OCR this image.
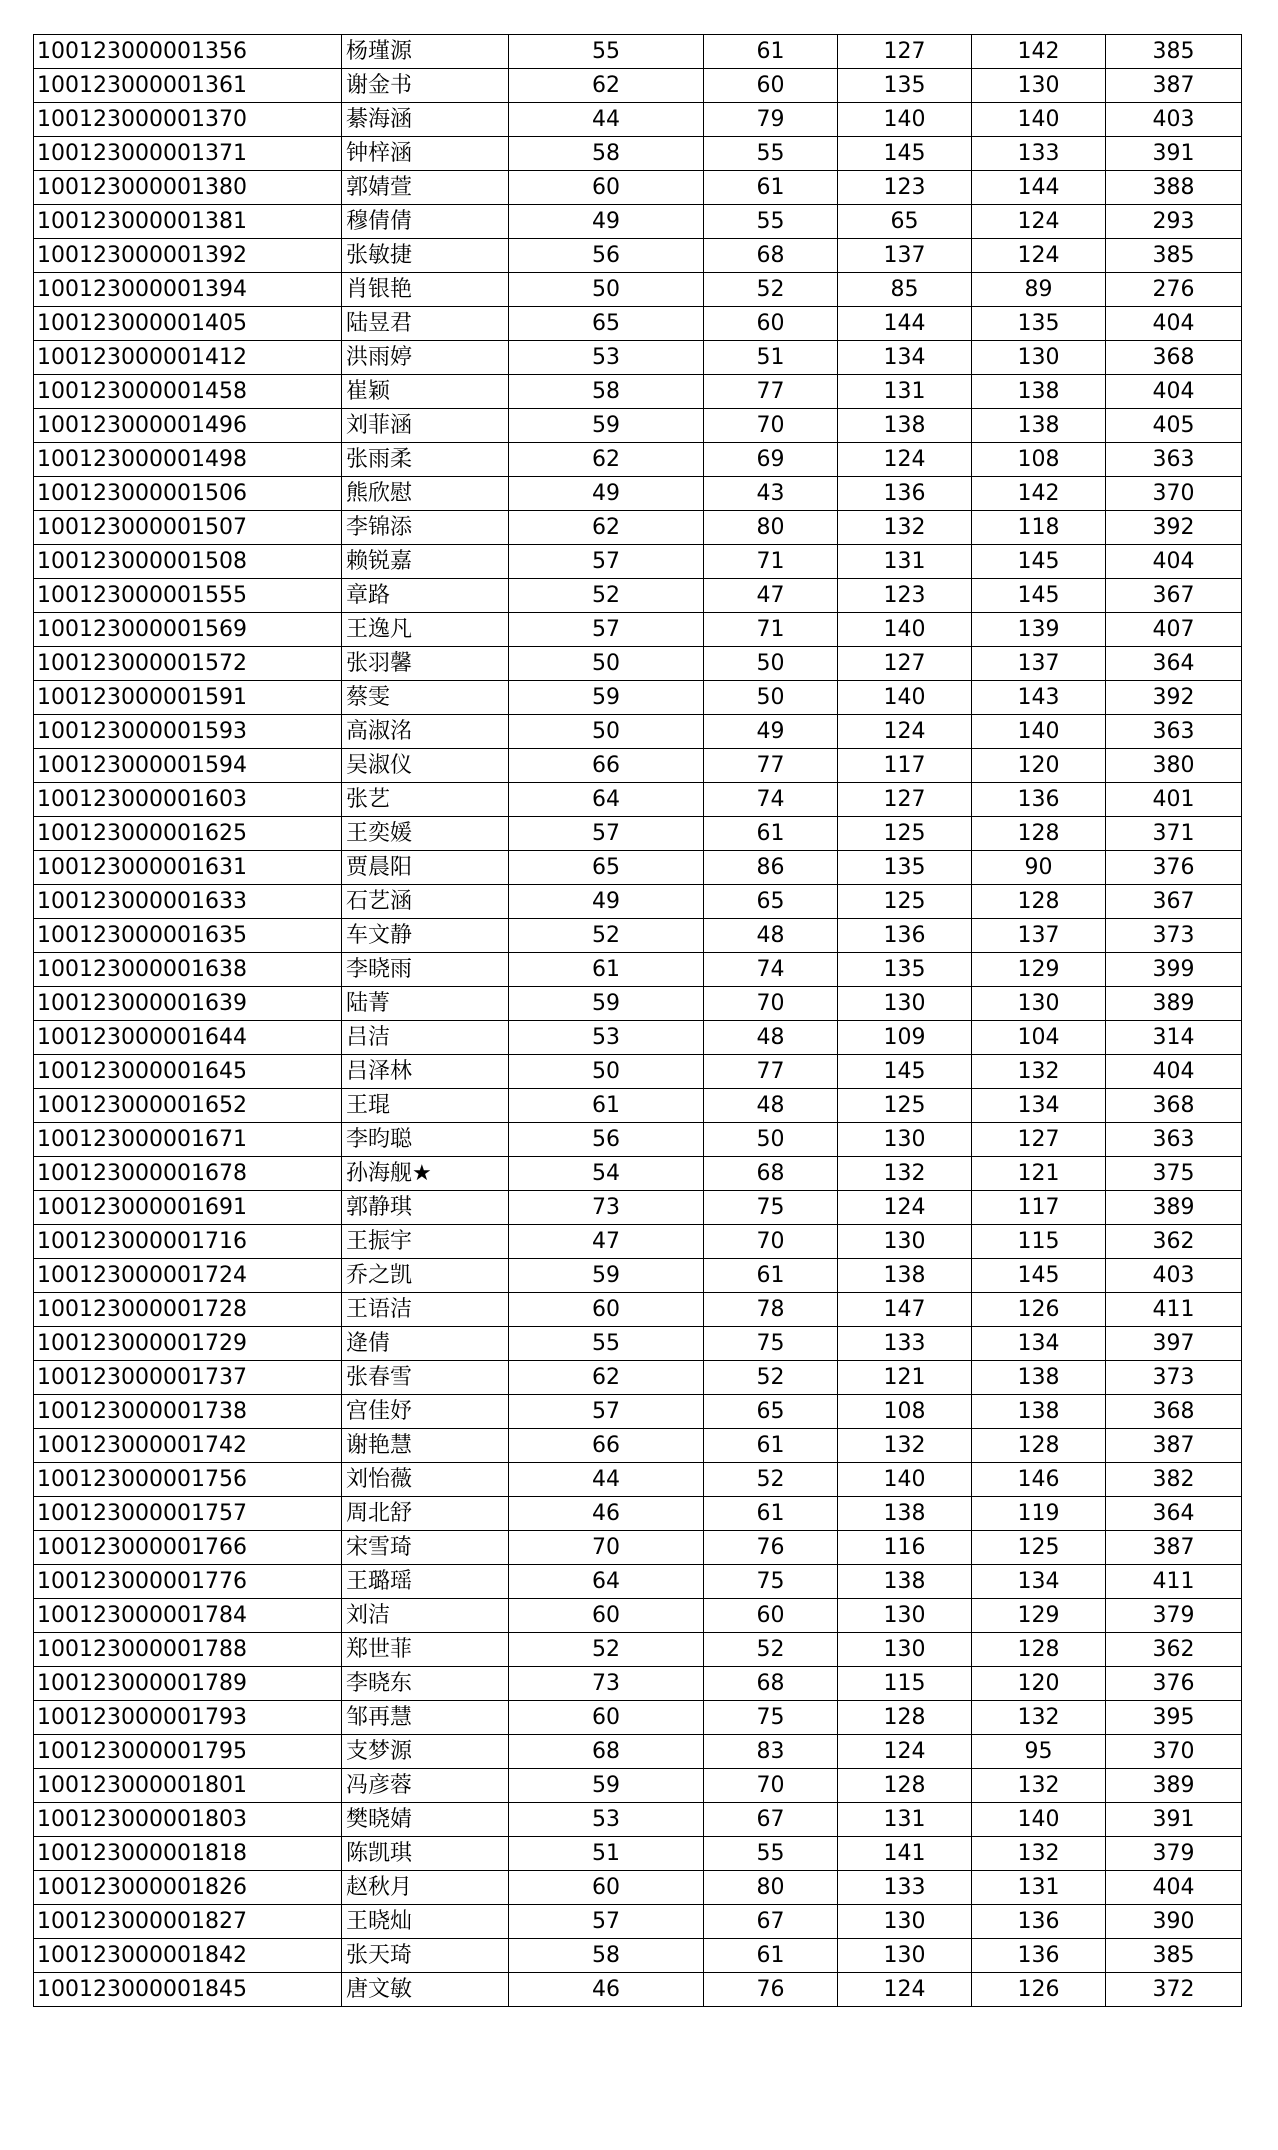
100123000001356	杨瑾源	55	61	127	142	385
100123000001361	谢金书	62	60	135	130	387
100123000001370	綦海涵	44	79	140	140	403
100123000001371	钟梓涵	58	55	145	133	391
100123000001380	郭婧萱	60	61	123	144	388
100123000001381	穆倩倩	49	55	65	124	293
100123000001392	张敏捷	56	68	137	124	385
100123000001394	肖银艳	50	52	85	89	276
100123000001405	陆昱君	65	60	144	135	404
100123000001412	洪雨婷	53	51	134	130	368
100123000001458	崔颖	58	77	131	138	404
100123000001496	刘菲涵	59	70	138	138	405
100123000001498	张雨柔	62	69	124	108	363
100123000001506	熊欣慰	49	43	136	142	370
100123000001507	李锦添	62	80	132	118	392
100123000001508	赖锐嘉	57	71	131	145	404
100123000001555	章路	52	47	123	145	367
100123000001569	王逸凡	57	71	140	139	407
100123000001572	张羽馨	50	50	127	137	364
100123000001591	蔡雯	59	50	140	143	392
100123000001593	高淑洺	50	49	124	140	363
100123000001594	吴淑仪	66	77	117	120	380
100123000001603	张艺	64	74	127	136	401
100123000001625	王奕媛	57	61	125	128	371
100123000001631	贾晨阳	65	86	135	90	376
100123000001633	石艺涵	49	65	125	128	367
100123000001635	车文静	52	48	136	137	373
100123000001638	李晓雨	61	74	135	129	399
100123000001639	陆菁	59	70	130	130	389
100123000001644	吕洁	53	48	109	104	314
100123000001645	吕泽林	50	77	145	132	404
100123000001652	王琨	61	48	125	134	368
100123000001671	李昀聪	56	50	130	127	363
100123000001678	孙海舰★	54	68	132	121	375
100123000001691	郭静琪	73	75	124	117	389
100123000001716	王振宇	47	70	130	115	362
100123000001724	乔之凯	59	61	138	145	403
100123000001728	王语洁	60	78	147	126	411
100123000001729	逄倩	55	75	133	134	397
100123000001737	张春雪	62	52	121	138	373
100123000001738	宫佳妤	57	65	108	138	368
100123000001742	谢艳慧	66	61	132	128	387
100123000001756	刘怡薇	44	52	140	146	382
100123000001757	周北舒	46	61	138	119	364
100123000001766	宋雪琦	70	76	116	125	387
100123000001776	王璐瑶	64	75	138	134	411
100123000001784	刘洁	60	60	130	129	379
100123000001788	郑世菲	52	52	130	128	362
100123000001789	李晓东	73	68	115	120	376
100123000001793	邹再慧	60	75	128	132	395
100123000001795	支梦源	68	83	124	95	370
100123000001801	冯彦蓉	59	70	128	132	389
100123000001803	樊晓婧	53	67	131	140	391
100123000001818	陈凯琪	51	55	141	132	379
100123000001826	赵秋月	60	80	133	131	404
100123000001827	王晓灿	57	67	130	136	390
100123000001842	张天琦	58	61	130	136	385
100123000001845	唐文敏	46	76	124	126	372
